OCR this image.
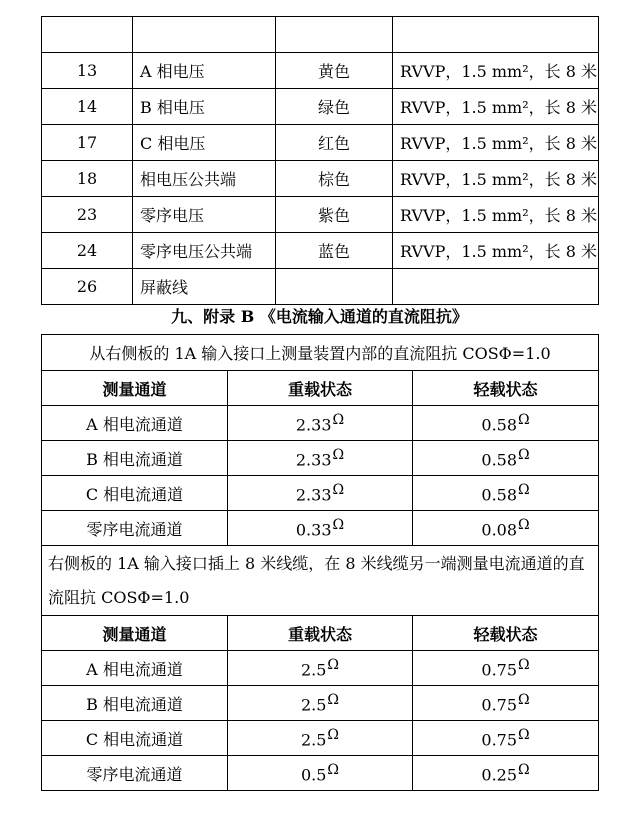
13	A 相电压	黄色	RVVP，1.5 mm²，长 8 米
14	B 相电压	绿色	RVVP，1.5 mm²，长 8 米
17	C 相电压	红色	RVVP，1.5 mm²，长 8 米
18	相电压公共端	棕色	RVVP，1.5 mm²，长 8 米
23	零序电压	紫色	RVVP，1.5 mm²，长 8 米
24	零序电压公共端	蓝色	RVVP，1.5 mm²，长 8 米
26	屏蔽线		
九、附录 B 《电流输入通道的直流阻抗》
从右侧板的 1A 输入接口上测量装置内部的直流阻抗 COSΦ=1.0		
测量通道	重载状态	轻载状态
A 相电流通道	2.33Ω	0.58Ω
B 相电流通道	2.33Ω	0.58Ω
C 相电流通道	2.33Ω	0.58Ω
零序电流通道	0.33Ω	0.08Ω
右侧板的 1A 输入接口插上 8 米线缆，在 8 米线缆另一端测量电流通道的直流阻抗 COSΦ=1.0		
测量通道	重载状态	轻载状态
A 相电流通道	2.5Ω	0.75Ω
B 相电流通道	2.5Ω	0.75Ω
C 相电流通道	2.5Ω	0.75Ω
零序电流通道	0.5Ω	0.25Ω
